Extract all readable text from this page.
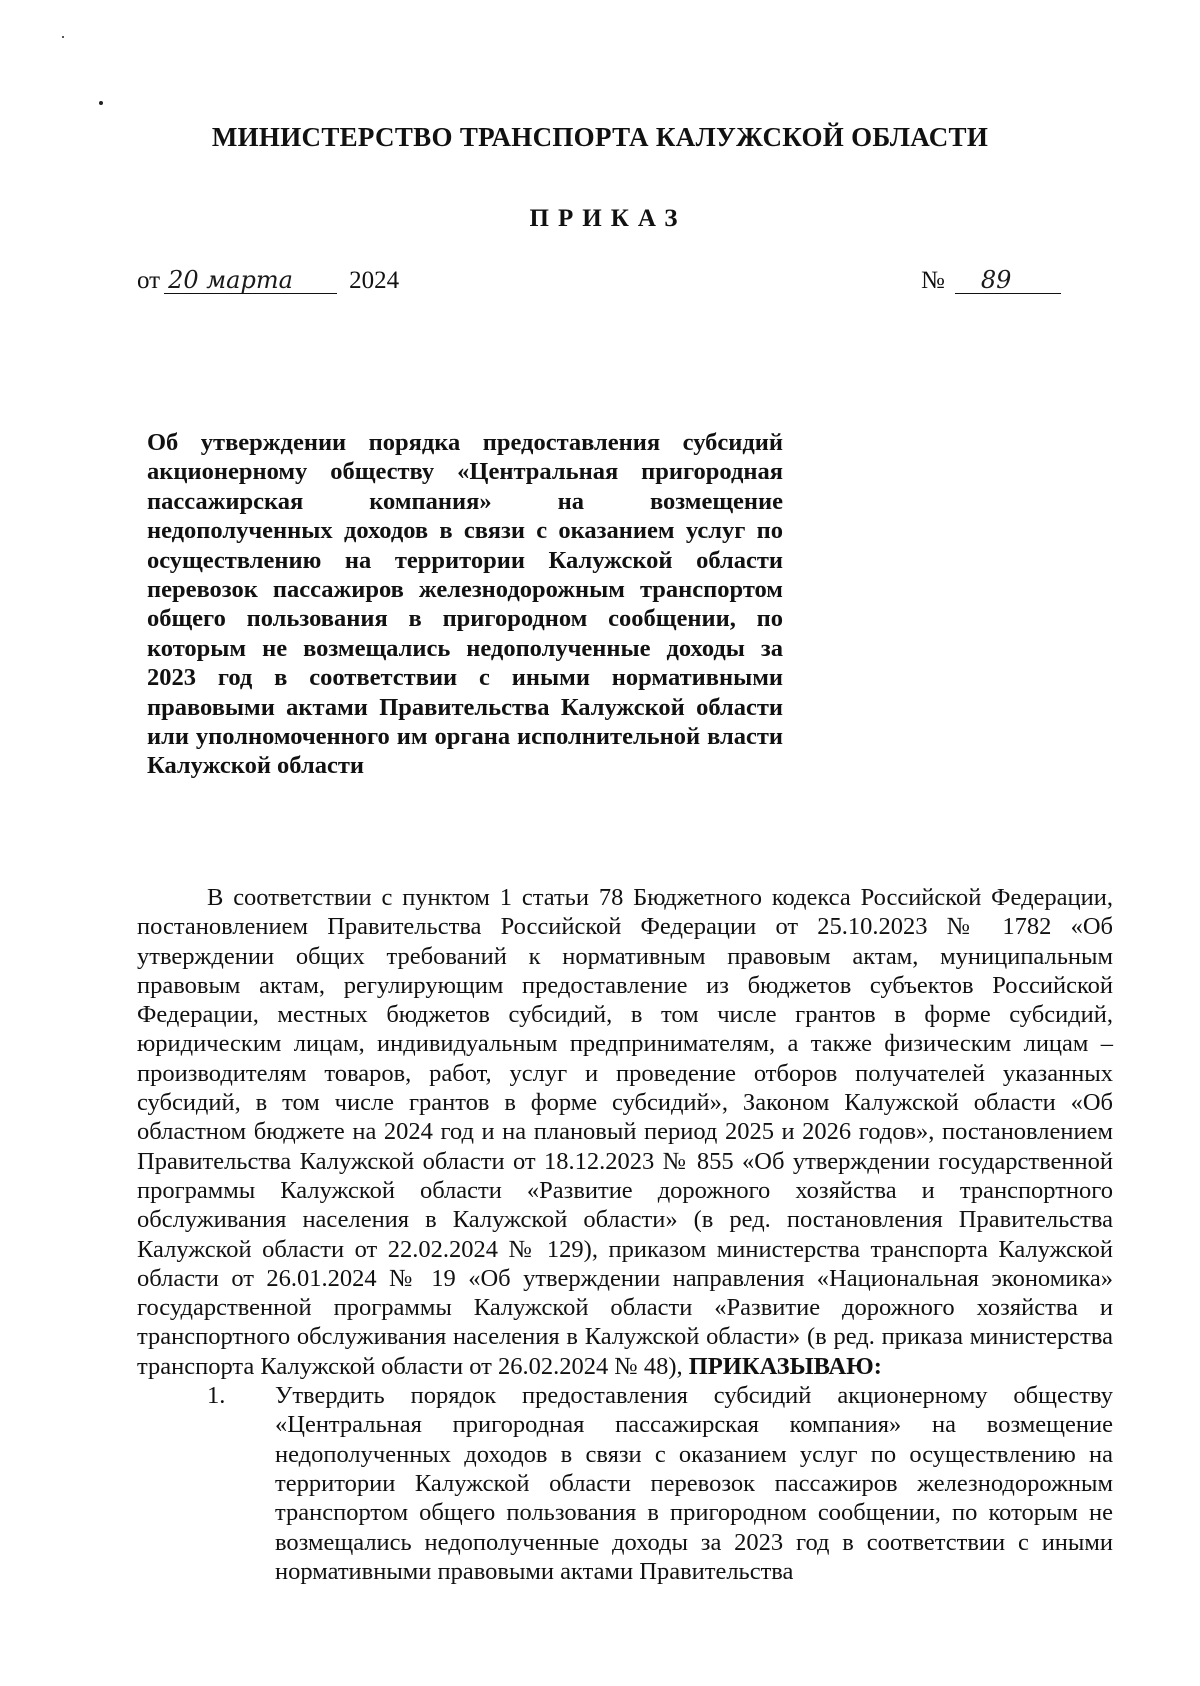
МИНИСТЕРСТВО ТРАНСПОРТА КАЛУЖСКОЙ ОБЛАСТИ
ПРИКАЗ
от 20 марта	2024	№	89
Об утверждении порядка предоставления субсидий акционерному обществу «Центральная пригородная пассажирская компания» на возмещение недополученных доходов в связи с оказанием услуг по осуществлению на территории Калужской области перевозок пассажиров железнодорожным транспортом общего пользования в пригородном сообщении, по которым не возмещались недополученные доходы за 2023 год в соответствии с иными нормативными правовыми актами Правительства Калужской области или уполномоченного им органа исполнительной власти Калужской области

В соответствии с пунктом 1 статьи 78 Бюджетного кодекса Российской Федерации, постановлением Правительства Российской Федерации от 25.10.2023 № 1782 «Об утверждении общих требований к нормативным правовым актам, муниципальным правовым актам, регулирующим предоставление из бюджетов субъектов Российской Федерации, местных бюджетов субсидий, в том числе грантов в форме субсидий, юридическим лицам, индивидуальным предпринимателям, а также физическим лицам – производителям товаров, работ, услуг и проведение отборов получателей указанных субсидий, в том числе грантов в форме субсидий», Законом Калужской области «Об областном бюджете на 2024 год и на плановый период 2025 и 2026 годов», постановлением Правительства Калужской области от 18.12.2023 № 855 «Об утверждении государственной программы Калужской области «Развитие дорожного хозяйства и транспортного обслуживания населения в Калужской области» (в ред. постановления Правительства Калужской области от 22.02.2024 № 129), приказом министерства транспорта Калужской области от 26.01.2024 № 19 «Об утверждении направления «Национальная экономика» государственной программы Калужской области «Развитие дорожного хозяйства и транспортного обслуживания населения в Калужской области» (в ред. приказа министерства транспорта Калужской области от 26.02.2024 № 48), ПРИКАЗЫВАЮ:

1.	Утвердить порядок предоставления субсидий акционерному обществу «Центральная пригородная пассажирская компания» на возмещение недополученных доходов в связи с оказанием услуг по осуществлению на территории Калужской области перевозок пассажиров железнодорожным транспортом общего пользования в пригородном сообщении, по которым не возмещались недополученные доходы за 2023 год в соответствии с иными нормативными правовыми актами Правительства
